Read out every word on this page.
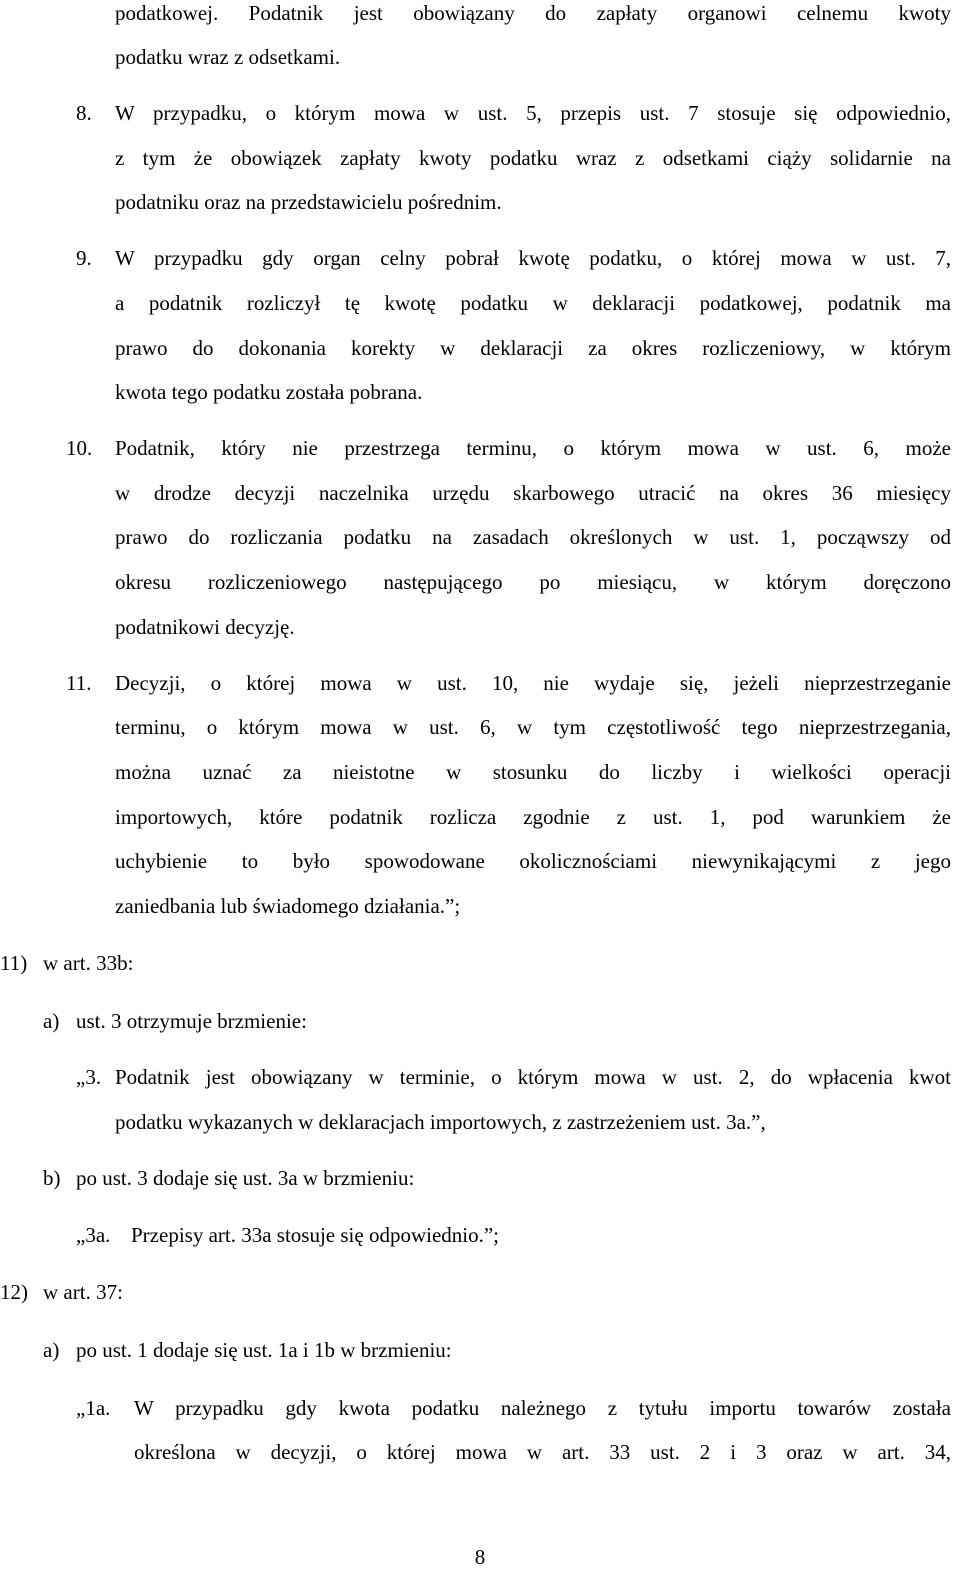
podatkowej. Podatnik jest obowiązany do zapłaty organowi celnemu kwoty
podatku wraz z odsetkami.
8. W przypadku, o którym mowa w ust. 5, przepis ust. 7 stosuje się odpowiednio,
z tym że obowiązek zapłaty kwoty podatku wraz z odsetkami ciąży solidarnie na
podatniku oraz na przedstawicielu pośrednim.
9. W przypadku gdy organ celny pobrał kwotę podatku, o której mowa w ust. 7,
a podatnik rozliczył tę kwotę podatku w deklaracji podatkowej, podatnik ma
prawo do dokonania korekty w deklaracji za okres rozliczeniowy, w którym
kwota tego podatku została pobrana.
10. Podatnik, który nie przestrzega terminu, o którym mowa w ust. 6, może
w drodze decyzji naczelnika urzędu skarbowego utracić na okres 36 miesięcy
prawo do rozliczania podatku na zasadach określonych w ust. 1, począwszy od
okresu rozliczeniowego następującego po miesiącu, w którym doręczono
podatnikowi decyzję.
11. Decyzji, o której mowa w ust. 10, nie wydaje się, jeżeli nieprzestrzeganie
terminu, o którym mowa w ust. 6, w tym częstotliwość tego nieprzestrzegania,
można uznać za nieistotne w stosunku do liczby i wielkości operacji
importowych, które podatnik rozlicza zgodnie z ust. 1, pod warunkiem że
uchybienie to było spowodowane okolicznościami niewynikającymi z jego
zaniedbania lub świadomego działania.”;
11) w art. 33b:
a) ust. 3 otrzymuje brzmienie:
„3. Podatnik jest obowiązany w terminie, o którym mowa w ust. 2, do wpłacenia kwot
podatku wykazanych w deklaracjach importowych, z zastrzeżeniem ust. 3a.”,
b) po ust. 3 dodaje się ust. 3a w brzmieniu:
„3a. Przepisy art. 33a stosuje się odpowiednio.”;
12) w art. 37:
a) po ust. 1 dodaje się ust. 1a i 1b w brzmieniu:
„1a. W przypadku gdy kwota podatku należnego z tytułu importu towarów została
określona w decyzji, o której mowa w art. 33 ust. 2 i 3 oraz w art. 34,
8
